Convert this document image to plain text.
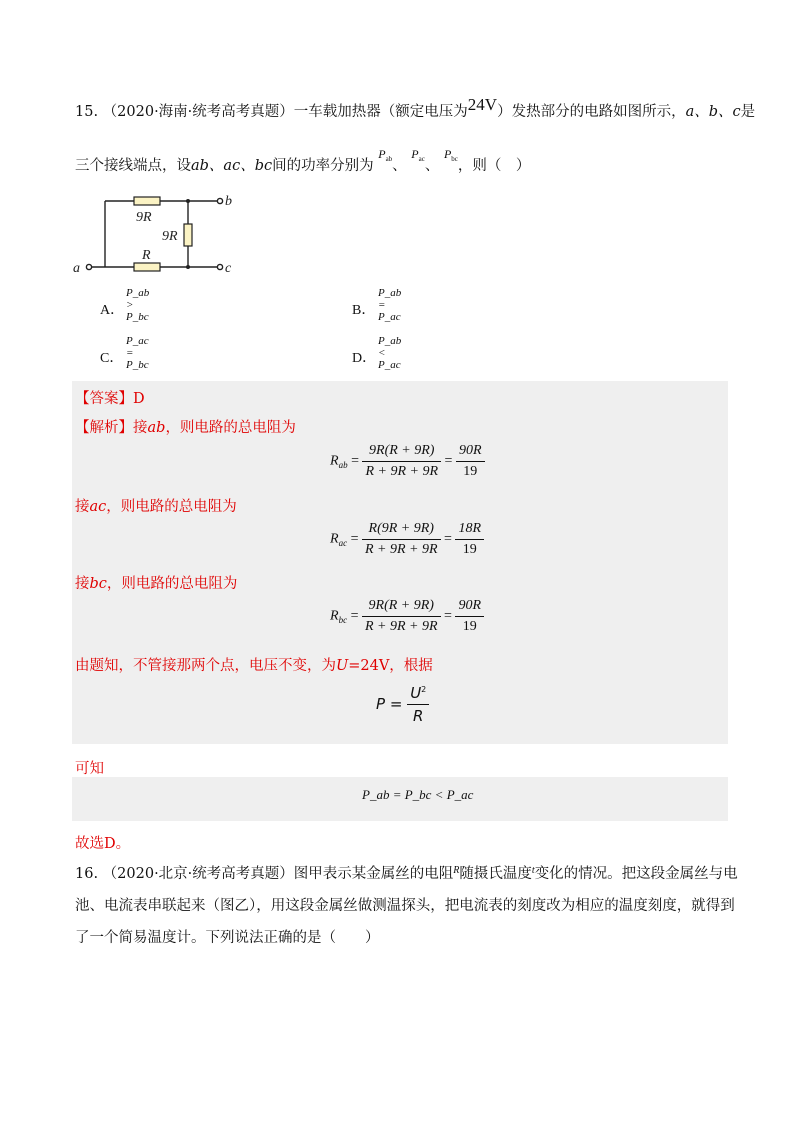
15. （2020·海南·统考高考真题）一车载加热器（额定电压为24V）发热部分的电路如图所示，a、b、c是
三个接线端点，设ab、ac、bc间的功率分别为 $^{P_{ab}}$、 $^{P_{ac}}$、 $^{P_{bc}}$，则（　）
9R
9R
R
a
b
c
A．
P_ab > P_bc	B．
P_ab = P_ac
C．
P_ac = P_bc	D．
P_ab < P_ac
【答案】D
【解析】接ab，则电路的总电阻为
$R_{ab} = \frac{9R(R + 9R)}{R + 9R + 9R} = \frac{90R}{19}$
接ac，则电路的总电阻为
$R_{ac} = \frac{R(9R + 9R)}{R + 9R + 9R} = \frac{18R}{19}$
接bc，则电路的总电阻为
$R_{bc} = \frac{9R(R + 9R)}{R + 9R + 9R} = \frac{90R}{19}$
由题知，不管接那两个点，电压不变，为U=24V，根据
$P = \frac{U^2}{R}$
可知
P_ab = P_bc < P_ac
故选D。
16. （2020·北京·统考高考真题）图甲表示某金属丝的电阻$^R$随摄氏温度$^t$变化的情况。把这段金属丝与电
池、电流表串联起来（图乙），用这段金属丝做测温探头，把电流表的刻度改为相应的温度刻度，就得到
了一个简易温度计。下列说法正确的是（　　）
